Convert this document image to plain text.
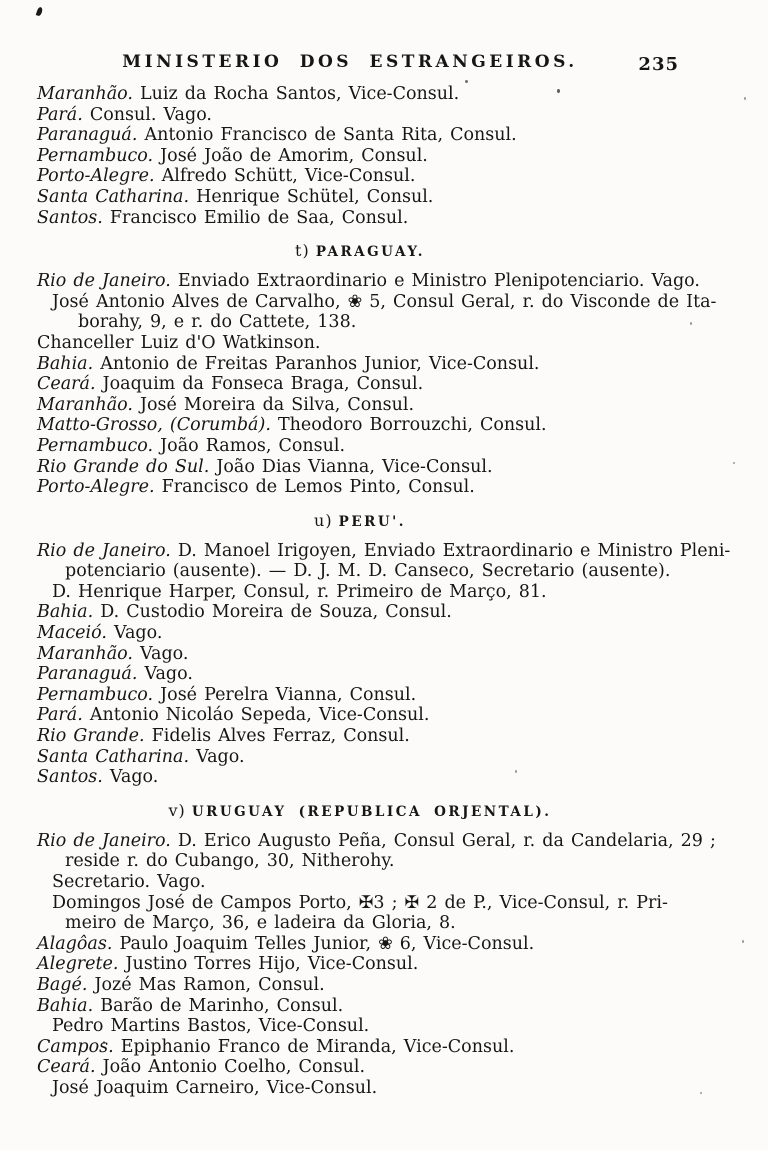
MINISTERIO DOS ESTRANGEIROS.	235

Maranhão. Luiz da Rocha Santos, Vice-Consul.

Pará. Consul. Vago.

Paranaguá. Antonio Francisco de Santa Rita, Consul.

Pernambuco. José João de Amorim, Consul.

Porto-Alegre. Alfredo Schütt, Vice-Consul.

Santa Catharina. Henrique Schütel, Consul.

Santos. Francisco Emilio de Saa, Consul.

t) PARAGUAY.

Rio de Janeiro. Enviado Extraordinario e Ministro Plenipotenciario. Vago.

José Antonio Alves de Carvalho, ❀ 5, Consul Geral, r. do Visconde de Ita-

borahy, 9, e r. do Cattete, 138.

Chanceller Luiz d'O Watkinson.

Bahia. Antonio de Freitas Paranhos Junior, Vice-Consul.

Ceará. Joaquim da Fonseca Braga, Consul.

Maranhão. José Moreira da Silva, Consul.

Matto-Grosso, (Corumbá). Theodoro Borrouzchi, Consul.

Pernambuco. João Ramos, Consul.

Rio Grande do Sul. João Dias Vianna, Vice-Consul.

Porto-Alegre. Francisco de Lemos Pinto, Consul.

u) PERU'.

Rio de Janeiro. D. Manoel Irigoyen, Enviado Extraordinario e Ministro Pleni-

potenciario (ausente). — D. J. M. D. Canseco, Secretario (ausente).

D. Henrique Harper, Consul, r. Primeiro de Março, 81.

Bahia. D. Custodio Moreira de Souza, Consul.

Maceió. Vago.

Maranhão. Vago.

Paranaguá. Vago.

Pernambuco. José Perelra Vianna, Consul.

Pará. Antonio Nicoláo Sepeda, Vice-Consul.

Rio Grande. Fidelis Alves Ferraz, Consul.

Santa Catharina. Vago.

Santos. Vago.

v) URUGUAY (REPUBLICA ORJENTAL).

Rio de Janeiro. D. Erico Augusto Peña, Consul Geral, r. da Candelaria, 29 ;

reside r. do Cubango, 30, Nitherohy.

Secretario. Vago.

Domingos José de Campos Porto, ✠3 ; ✠ 2 de P., Vice-Consul, r. Pri-

meiro de Março, 36, e ladeira da Gloria, 8.

Alagôas. Paulo Joaquim Telles Junior, ❀ 6, Vice-Consul.

Alegrete. Justino Torres Hijo, Vice-Consul.

Bagé. Jozé Mas Ramon, Consul.

Bahia. Barão de Marinho, Consul.

Pedro Martins Bastos, Vice-Consul.

Campos. Epiphanio Franco de Miranda, Vice-Consul.

Ceará. João Antonio Coelho, Consul.

José Joaquim Carneiro, Vice-Consul.
